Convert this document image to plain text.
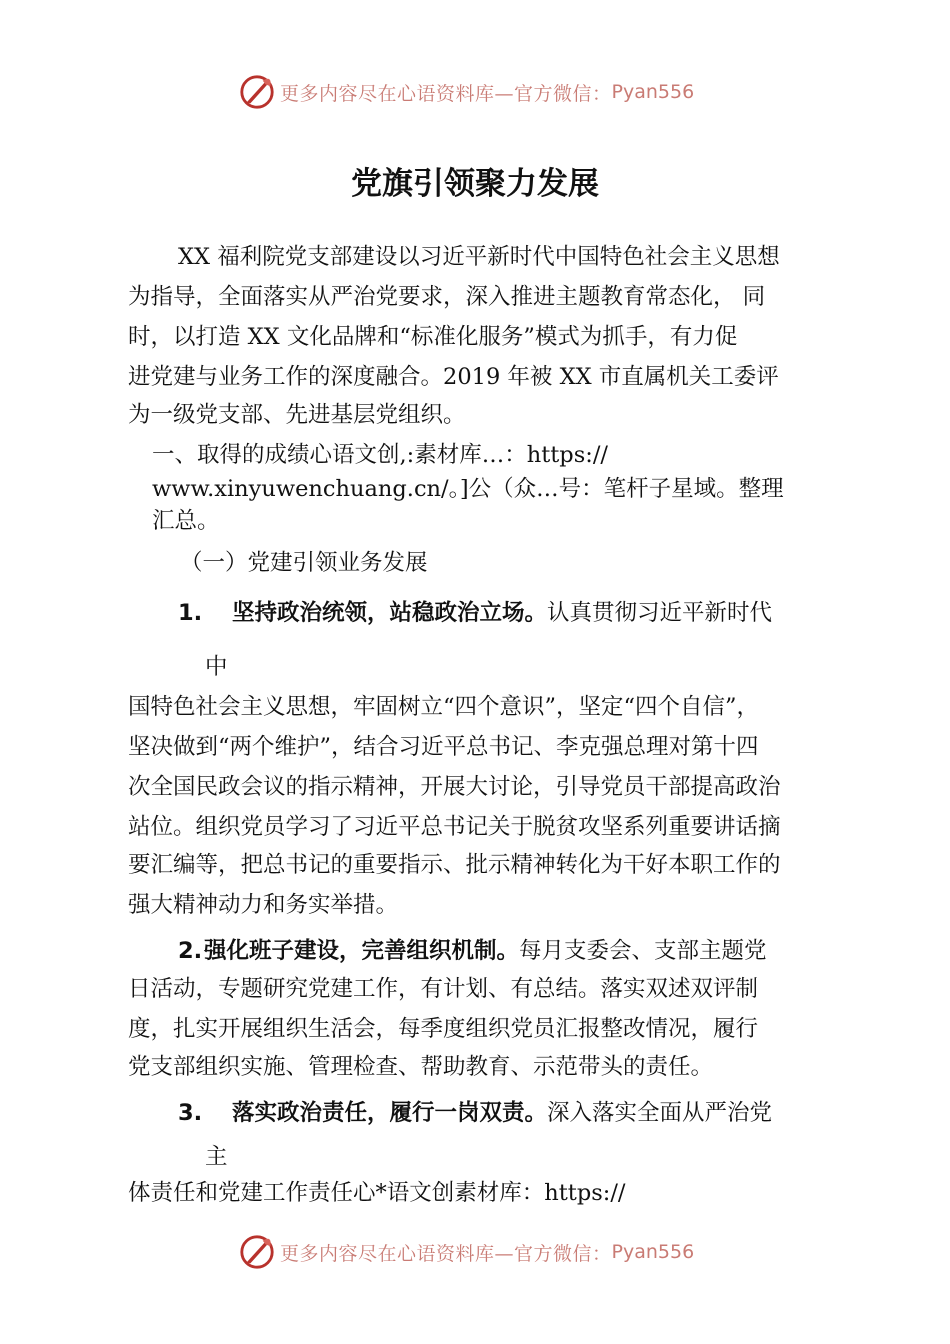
更多内容尽在心语资料库—官方微信： Pyan556
党旗引领聚力发展
XX 福利院党支部建设以习近平新时代中国特色社会主义思想
为指导，全面落实从严治党要求，深入推进主题教育常态化， 同
时，以打造 XX 文化品牌和“标准化服务”模式为抓手，有力促
进党建与业务工作的深度融合。2019 年被 XX 市直属机关工委评
为一级党支部、先进基层党组织。
一、取得的成绩心语文创,:素材库…：https://
www.xinyuwenchuang.cn/。]公（众…号：笔杆子星域。整理
汇总。
（一）党建引领业务发展
1. 坚持政治统领，站稳政治立场。认真贯彻习近平新时代
中
国特色社会主义思想，牢固树立“四个意识”，坚定“四个自信”，
坚决做到“两个维护”，结合习近平总书记、李克强总理对第十四
次全国民政会议的指示精神，开展大讨论，引导党员干部提高政治
站位。组织党员学习了习近平总书记关于脱贫攻坚系列重要讲话摘
要汇编等，把总书记的重要指示、批示精神转化为干好本职工作的
强大精神动力和务实举措。
2.强化班子建设，完善组织机制。每月支委会、支部主题党
日活动，专题研究党建工作，有计划、有总结。落实双述双评制
度，扎实开展组织生活会，每季度组织党员汇报整改情况，履行
党支部组织实施、管理检查、帮助教育、示范带头的责任。
3. 落实政治责任，履行一岗双责。深入落实全面从严治党
主
体责任和党建工作责任心*语文创素材库：https://
更多内容尽在心语资料库—官方微信： Pyan556
